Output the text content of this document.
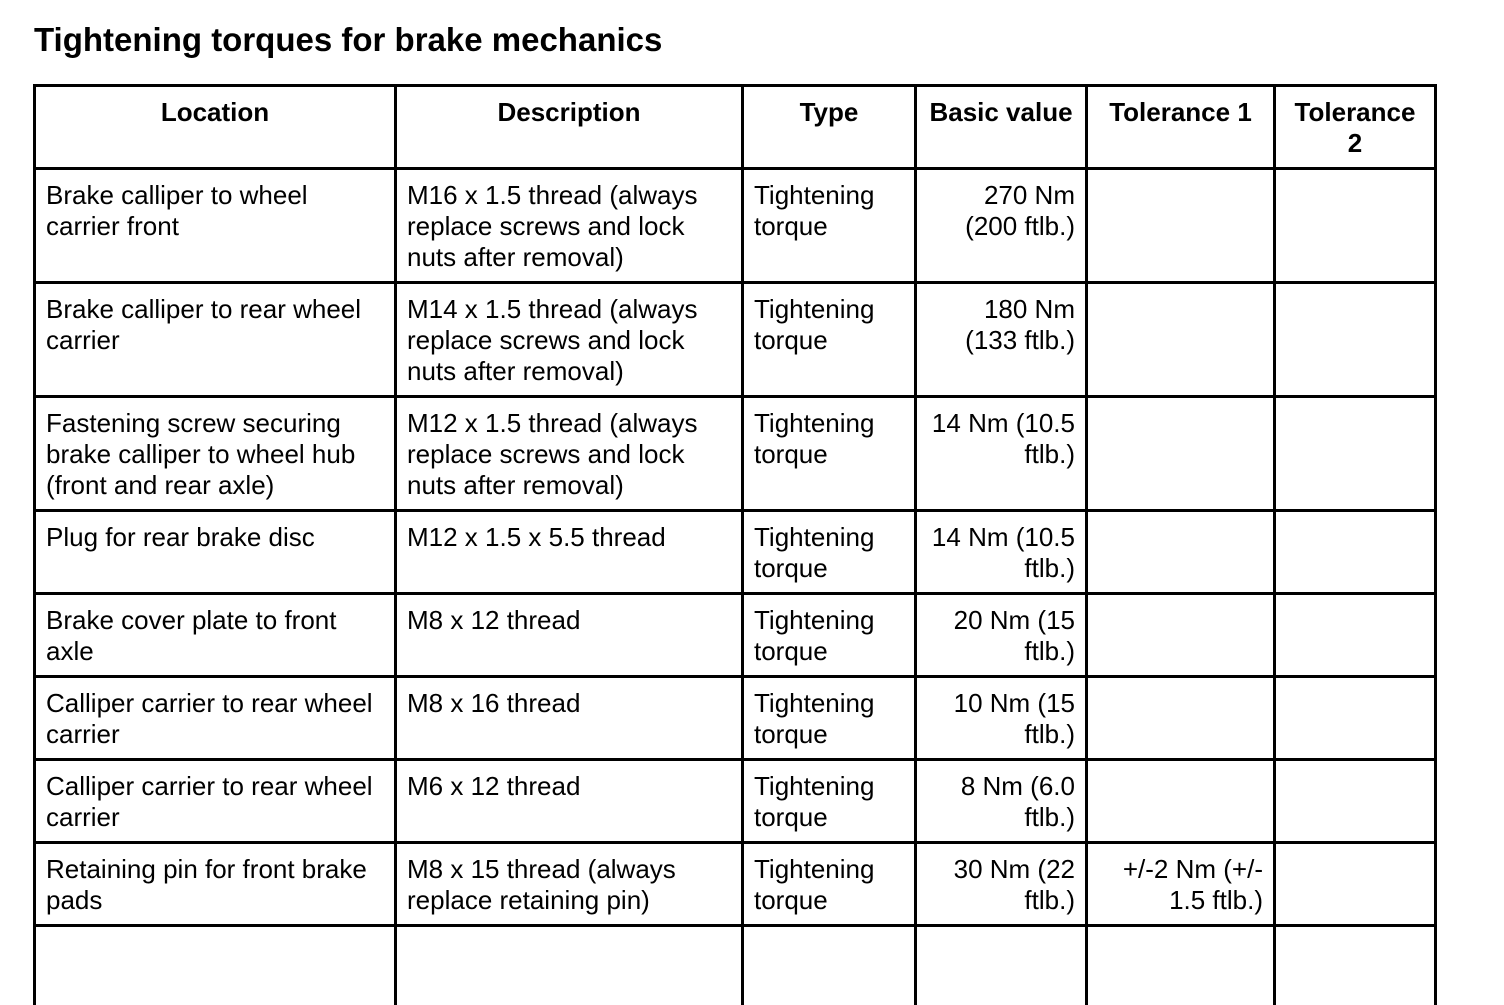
Tightening torques for brake mechanics
Location	Description	Type	Basic value	Tolerance 1	Tolerance 2
Brake calliper to wheel carrier front	M16 x 1.5 thread (always replace screws and lock nuts after removal)	Tightening torque	270 Nm (200 ftlb.)		
Brake calliper to rear wheel carrier	M14 x 1.5 thread (always replace screws and lock nuts after removal)	Tightening torque	180 Nm (133 ftlb.)		
Fastening screw securing brake calliper to wheel hub (front and rear axle)	M12 x 1.5 thread (always replace screws and lock nuts after removal)	Tightening torque	14 Nm (10.5 ftlb.)		
Plug for rear brake disc	M12 x 1.5 x 5.5 thread	Tightening torque	14 Nm (10.5 ftlb.)		
Brake cover plate to front axle	M8 x 12 thread	Tightening torque	20 Nm (15 ftlb.)		
Calliper carrier to rear wheel carrier	M8 x 16 thread	Tightening torque	10 Nm (15 ftlb.)		
Calliper carrier to rear wheel carrier	M6 x 12 thread	Tightening torque	8 Nm (6.0 ftlb.)		
Retaining pin for front brake pads	M8 x 15 thread (always replace retaining pin)	Tightening torque	30 Nm (22 ftlb.)	+/-2 Nm (+/- 1.5 ftlb.)	
